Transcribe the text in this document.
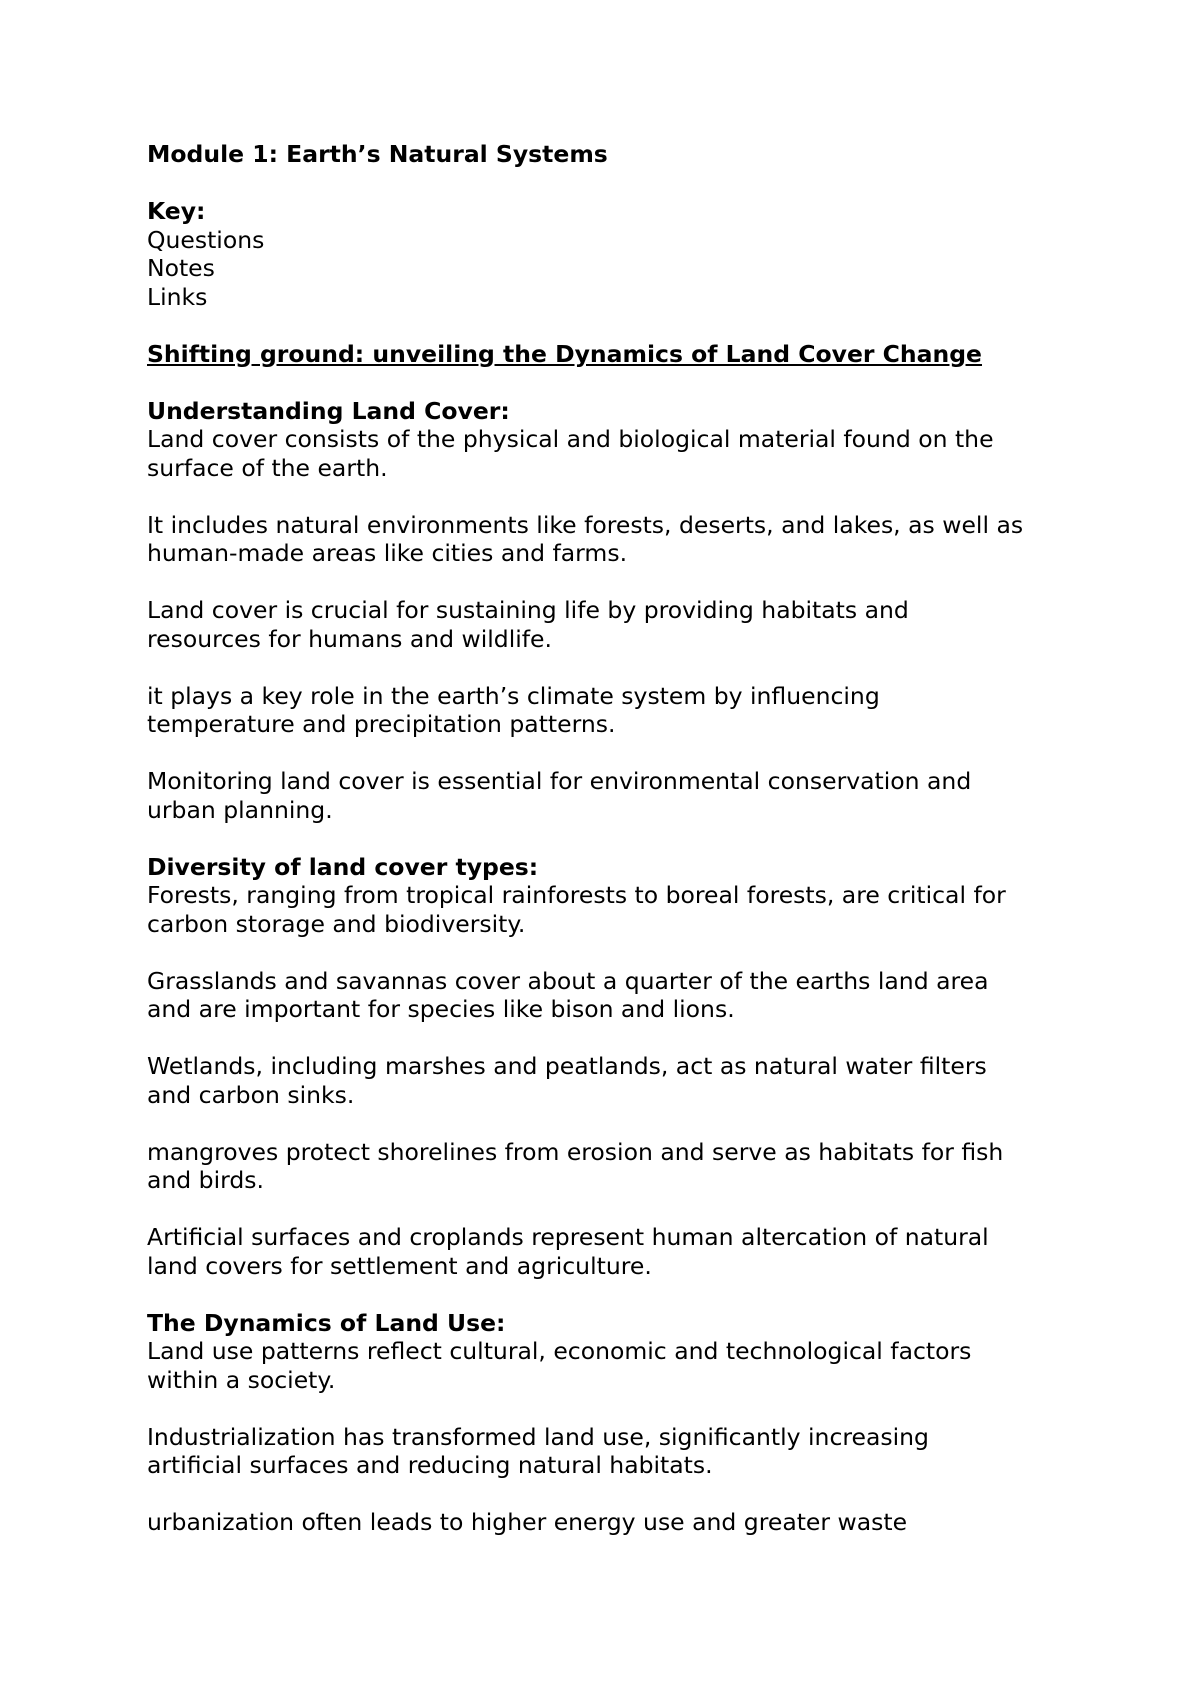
Module 1: Earth’s Natural Systems
Key:
Questions
Notes
Links
Shifting ground: unveiling the Dynamics of Land Cover Change
Understanding Land Cover:
Land cover consists of the physical and biological material found on the
surface of the earth.
It includes natural environments like forests, deserts, and lakes, as well as
human-made areas like cities and farms.
Land cover is crucial for sustaining life by providing habitats and
resources for humans and wildlife.
it plays a key role in the earth’s climate system by influencing
temperature and precipitation patterns.
Monitoring land cover is essential for environmental conservation and
urban planning.
Diversity of land cover types:
Forests, ranging from tropical rainforests to boreal forests, are critical for
carbon storage and biodiversity.
Grasslands and savannas cover about a quarter of the earths land area
and are important for species like bison and lions.
Wetlands, including marshes and peatlands, act as natural water filters
and carbon sinks.
mangroves protect shorelines from erosion and serve as habitats for fish
and birds.
Artificial surfaces and croplands represent human altercation of natural
land covers for settlement and agriculture.
The Dynamics of Land Use:
Land use patterns reflect cultural, economic and technological factors
within a society.
Industrialization has transformed land use, significantly increasing
artificial surfaces and reducing natural habitats.
urbanization often leads to higher energy use and greater waste
